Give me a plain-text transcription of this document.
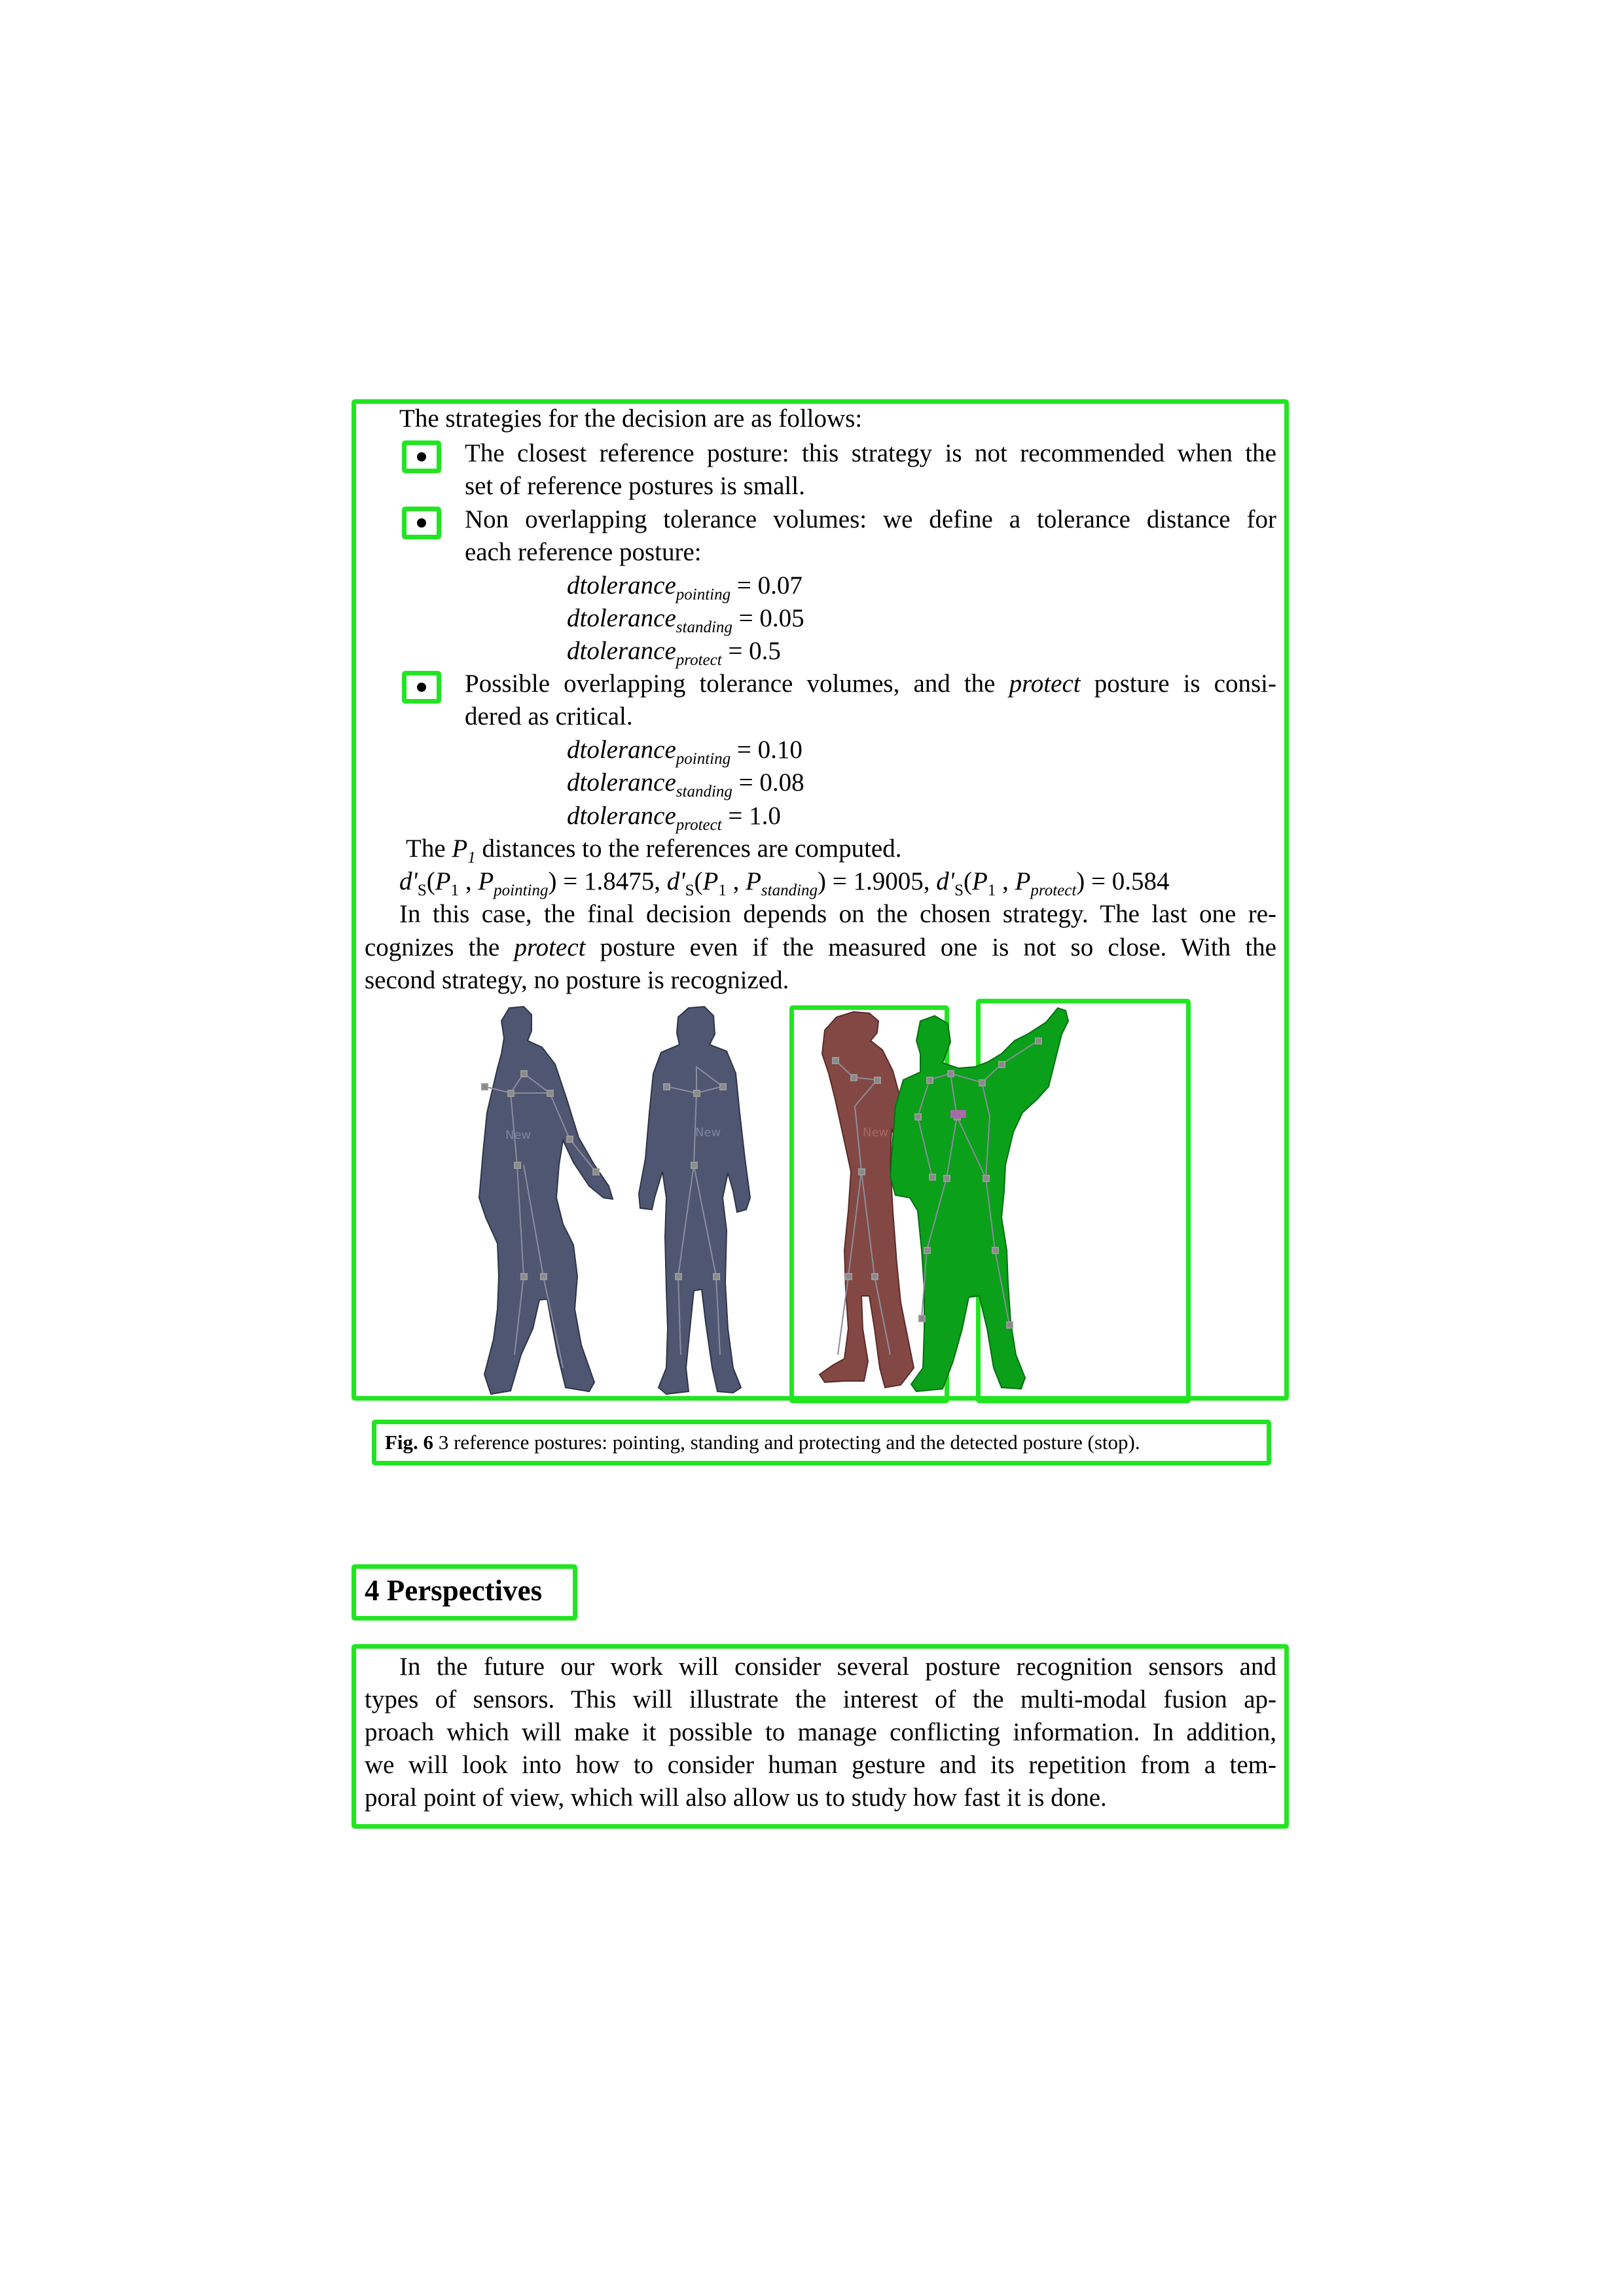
The strategies for the decision are as follows:
The closest reference posture: this strategy is not recommended when the
set of reference postures is small.
Non overlapping tolerance volumes: we define a tolerance distance for
each reference posture:
dtolerance$_{pointing}$ = 0.07
dtolerance$_{standing}$ = 0.05
dtolerance$_{protect}$ = 0.5
Possible overlapping tolerance volumes, and the protect posture is consi-
dered as critical.
dtolerance$_{pointing}$ = 0.10
dtolerance$_{standing}$ = 0.08
dtolerance$_{protect}$ = 1.0
The $P_1$ distances to the references are computed.
$d'_S(P_1$ , $P_{pointing}) = 1.8475$, $d'_S(P_1$ , $P_{standing}) = 1.9005$, $d'_S(P_1$ , $P_{protect}) = 0.584$
In this case, the final decision depends on the chosen strategy. The last one re-
cognizes the protect posture even if the measured one is not so close. With the
second strategy, no posture is recognized.
New	New	New
Fig. 6 3 reference postures: pointing, standing and protecting and the detected posture (stop).
4 Perspectives
In the future our work will consider several posture recognition sensors and
types of sensors. This will illustrate the interest of the multi-modal fusion ap-
proach which will make it possible to manage conflicting information. In addition,
we will look into how to consider human gesture and its repetition from a tem-
poral point of view, which will also allow us to study how fast it is done.
